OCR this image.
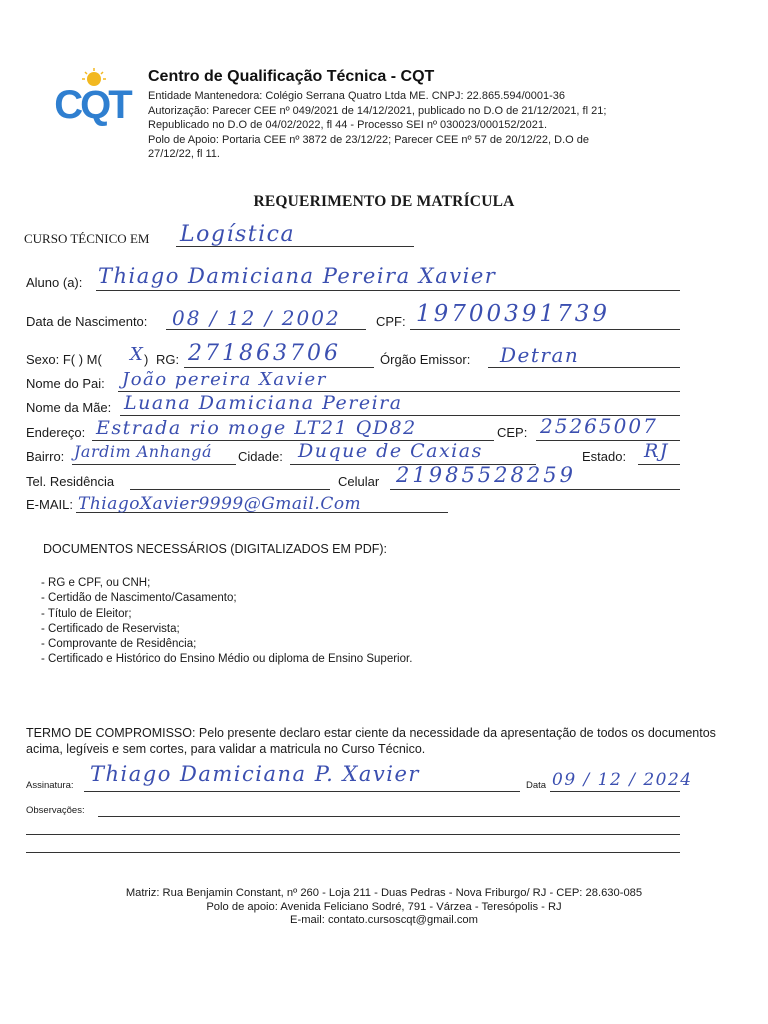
CQT
Centro de Qualificação Técnica - CQT
Entidade Mantenedora: Colégio Serrana Quatro Ltda ME. CNPJ: 22.865.594/0001-36
Autorização: Parecer CEE nº 049/2021 de 14/12/2021, publicado no D.O de 21/12/2021, fl 21;
Republicado no D.O de 04/02/2022, fl 44 - Processo SEI nº 030023/000152/2021.
Polo de Apoio: Portaria CEE nº 3872 de 23/12/22; Parecer CEE nº 57 de 20/12/22, D.O de
27/12/22, fl 11.
REQUERIMENTO DE MATRÍCULA
CURSO TÉCNICO EM Logística
Aluno (a): Thiago Damiciana Pereira Xavier
Data de Nascimento: 08 / 12 / 2002	CPF: 19700391739
Sexo: F( ) M( X ) RG: 271863706	Órgão Emissor: Detran
Nome do Pai: João pereira Xavier
Nome da Mãe: Luana Damiciana Pereira
Endereço: Estrada rio moge LT21 QD82	CEP: 25265007
Bairro: Jardim Anhangá Cidade: Duque de Caxias	Estado: RJ
Tel. Residência	Celular 21985528259
E-MAIL: ThiagoXavier9999@Gmail.Com
DOCUMENTOS NECESSÁRIOS (DIGITALIZADOS EM PDF):
- RG e CPF, ou CNH;
- Certidão de Nascimento/Casamento;
- Título de Eleitor;
- Certificado de Reservista;
- Comprovante de Residência;
- Certificado e Histórico do Ensino Médio ou diploma de Ensino Superior.
TERMO DE COMPROMISSO: Pelo presente declaro estar ciente da necessidade da apresentação de todos os documentos acima, legíveis e sem cortes, para validar a matricula no Curso Técnico.
Assinatura: Thiago Damiciana P. Xavier	Data 09 / 12 / 2024
Observações:
Matriz: Rua Benjamin Constant, nº 260 - Loja 211 - Duas Pedras - Nova Friburgo/ RJ - CEP: 28.630-085
Polo de apoio: Avenida Feliciano Sodré, 791 - Várzea - Teresópolis - RJ
E-mail: contato.cursoscqt@gmail.com
